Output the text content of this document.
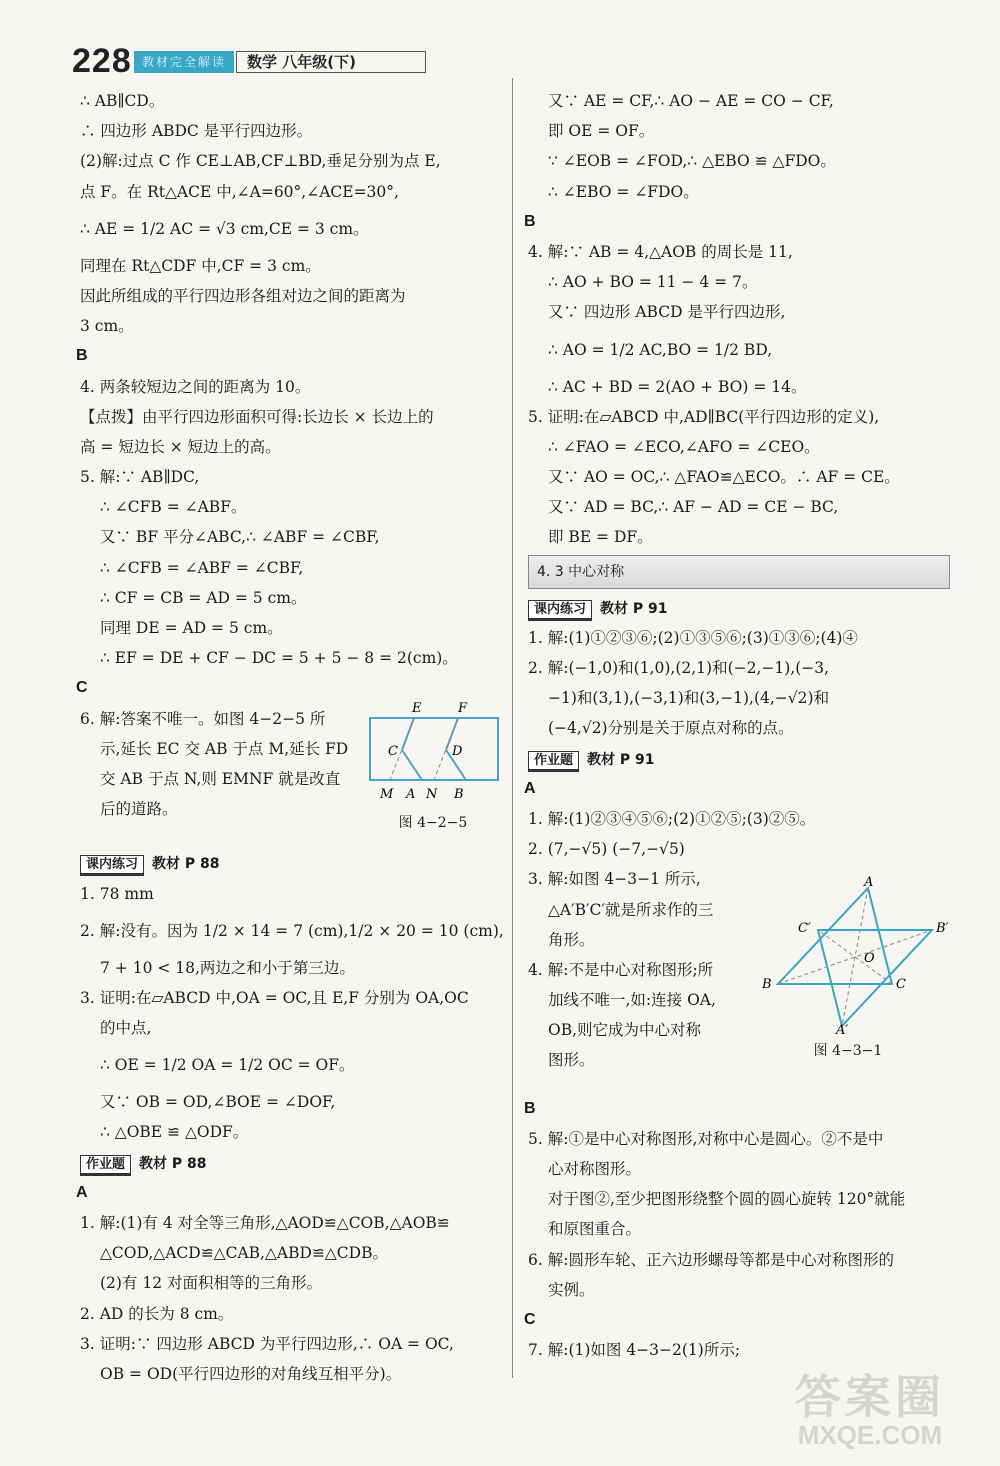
228 教材完全解读	数学 八年级(下)
∴ AB∥CD。
∴ 四边形 ABDC 是平行四边形。
(2)解:过点 C 作 CE⊥AB,CF⊥BD,垂足分别为点 E,
点 F。在 Rt△ACE 中,∠A=60°,∠ACE=30°,
∴ AE = 1/2 AC = √3 cm,CE = 3 cm。
同理在 Rt△CDF 中,CF = 3 cm。
因此所组成的平行四边形各组对边之间的距离为
3 cm。
B
4. 两条较短边之间的距离为 10。
【点拨】由平行四边形面积可得:长边长 × 长边上的
高 = 短边长 × 短边上的高。
5. 解:∵ AB∥DC,
∴ ∠CFB = ∠ABF。
又∵ BF 平分∠ABC,∴ ∠ABF = ∠CBF,
∴ ∠CFB = ∠ABF = ∠CBF,
∴ CF = CB = AD = 5 cm。
同理 DE = AD = 5 cm。
∴ EF = DE + CF − DC = 5 + 5 − 8 = 2(cm)。
C
6. 解:答案不唯一。如图 4−2−5 所
示,延长 EC 交 AB 于点 M,延长 FD
交 AB 于点 N,则 EMNF 就是改直
后的道路。
课内练习 教材 P 88
1. 78 mm
2. 解:没有。因为 1/2 × 14 = 7 (cm),1/2 × 20 = 10 (cm),
7 + 10 < 18,两边之和小于第三边。
3. 证明:在▱ABCD 中,OA = OC,且 E,F 分别为 OA,OC
的中点,
∴ OE = 1/2 OA = 1/2 OC = OF。
又∵ OB = OD,∠BOE = ∠DOF,
∴ △OBE ≌ △ODF。
作业题 教材 P 88
A
1. 解:(1)有 4 对全等三角形,△AOD≌△COB,△AOB≌
△COD,△ACD≌△CAB,△ABD≌△CDB。
(2)有 12 对面积相等的三角形。
2. AD 的长为 8 cm。
3. 证明:∵ 四边形 ABCD 为平行四边形,∴ OA = OC,
OB = OD(平行四边形的对角线互相平分)。
E	F
C	D
M A N B
图 4−2−5
又∵ AE = CF,∴ AO − AE = CO − CF,
即 OE = OF。
∵ ∠EOB = ∠FOD,∴ △EBO ≌ △FDO。
∴ ∠EBO = ∠FDO。
B
4. 解:∵ AB = 4,△AOB 的周长是 11,
∴ AO + BO = 11 − 4 = 7。
又∵ 四边形 ABCD 是平行四边形,
∴ AO = 1/2 AC,BO = 1/2 BD,
∴ AC + BD = 2(AO + BO) = 14。
5. 证明:在▱ABCD 中,AD∥BC(平行四边形的定义),
∴ ∠FAO = ∠ECO,∠AFO = ∠CEO。
又∵ AO = OC,∴ △FAO≌△ECO。∴ AF = CE。
又∵ AD = BC,∴ AF − AD = CE − BC,
即 BE = DF。
4. 3 中心对称
课内练习 教材 P 91
1. 解:(1)①②③⑥;(2)①③⑤⑥;(3)①③⑥;(4)④
2. 解:(−1,0)和(1,0),(2,1)和(−2,−1),(−3,
−1)和(3,1),(−3,1)和(3,−1),(4,−√2)和
(−4,√2)分别是关于原点对称的点。
作业题 教材 P 91
A
1. 解:(1)②③④⑤⑥;(2)①②⑤;(3)②⑤。
2. (7,−√5) (−7,−√5)
3. 解:如图 4−3−1 所示,
△A′B′C′就是所求作的三
角形。
4. 解:不是中心对称图形;所
加线不唯一,如:连接 OA,
OB,则它成为中心对称
图形。
B
5. 解:①是中心对称图形,对称中心是圆心。②不是中
心对称图形。
对于图②,至少把图形绕整个圆的圆心旋转 120°就能
和原图重合。
6. 解:圆形车轮、正六边形螺母等都是中心对称图形的
实例。
C
7. 解:(1)如图 4−3−2(1)所示;
A
C′	B′
O
B	C
A′
图 4−3−1
答案圈
MXQE.COM
